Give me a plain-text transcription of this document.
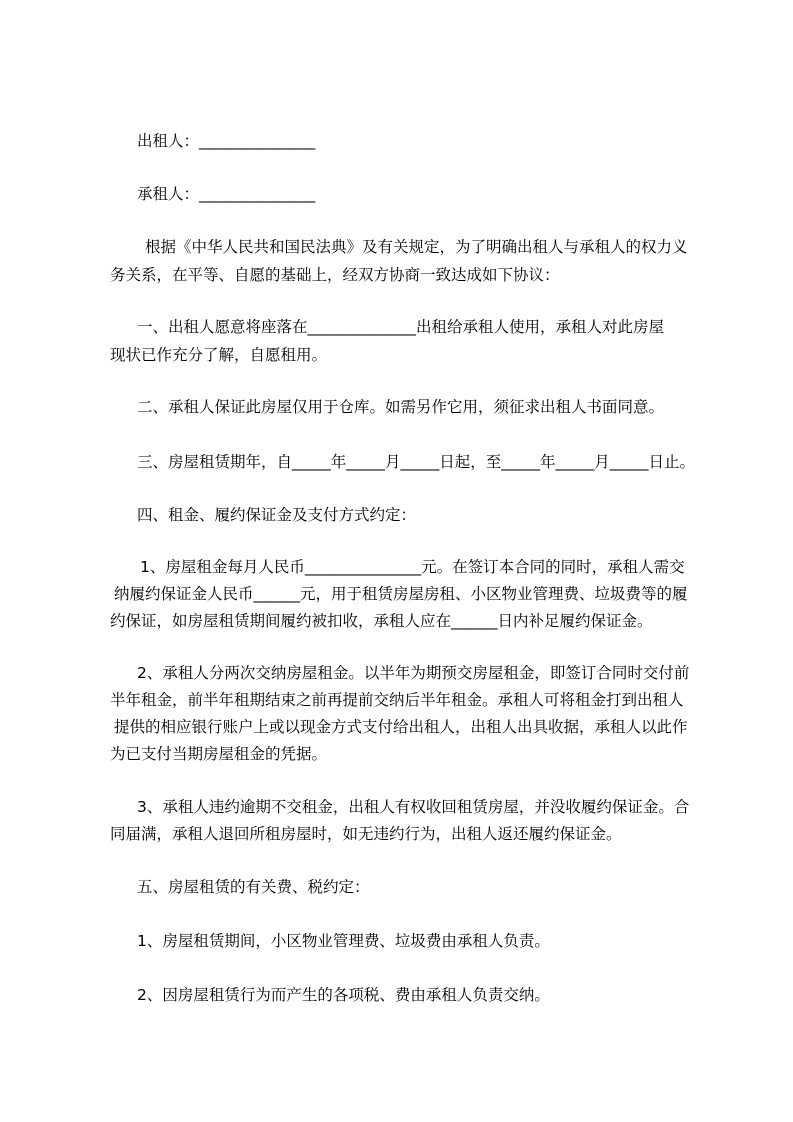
出租人：_______________

承租人：_______________

根据《中华人民共和国民法典》及有关规定，为了明确出租人与承租人的权力义

务关系，在平等、自愿的基础上，经双方协商一致达成如下协议：

一、出租人愿意将座落在______________出租给承租人使用，承租人对此房屋

现状已作充分了解，自愿租用。

二、承租人保证此房屋仅用于仓库。如需另作它用，须征求出租人书面同意。

三、房屋租赁期年，自_____年_____月_____日起，至_____年_____月_____日止。

四、租金、履约保证金及支付方式约定：

1、房屋租金每月人民币_______________元。在签订本合同的同时，承租人需交

纳履约保证金人民币______元，用于租赁房屋房租、小区物业管理费、垃圾费等的履

约保证，如房屋租赁期间履约被扣收，承租人应在______日内补足履约保证金。

2、承租人分两次交纳房屋租金。以半年为期预交房屋租金，即签订合同时交付前

半年租金，前半年租期结束之前再提前交纳后半年租金。承租人可将租金打到出租人

提供的相应银行账户上或以现金方式支付给出租人，出租人出具收据，承租人以此作

为已支付当期房屋租金的凭据。

3、承租人违约逾期不交租金，出租人有权收回租赁房屋，并没收履约保证金。合

同届满，承租人退回所租房屋时，如无违约行为，出租人返还履约保证金。

五、房屋租赁的有关费、税约定：

1、房屋租赁期间，小区物业管理费、垃圾费由承租人负责。

2、因房屋租赁行为而产生的各项税、费由承租人负责交纳。
